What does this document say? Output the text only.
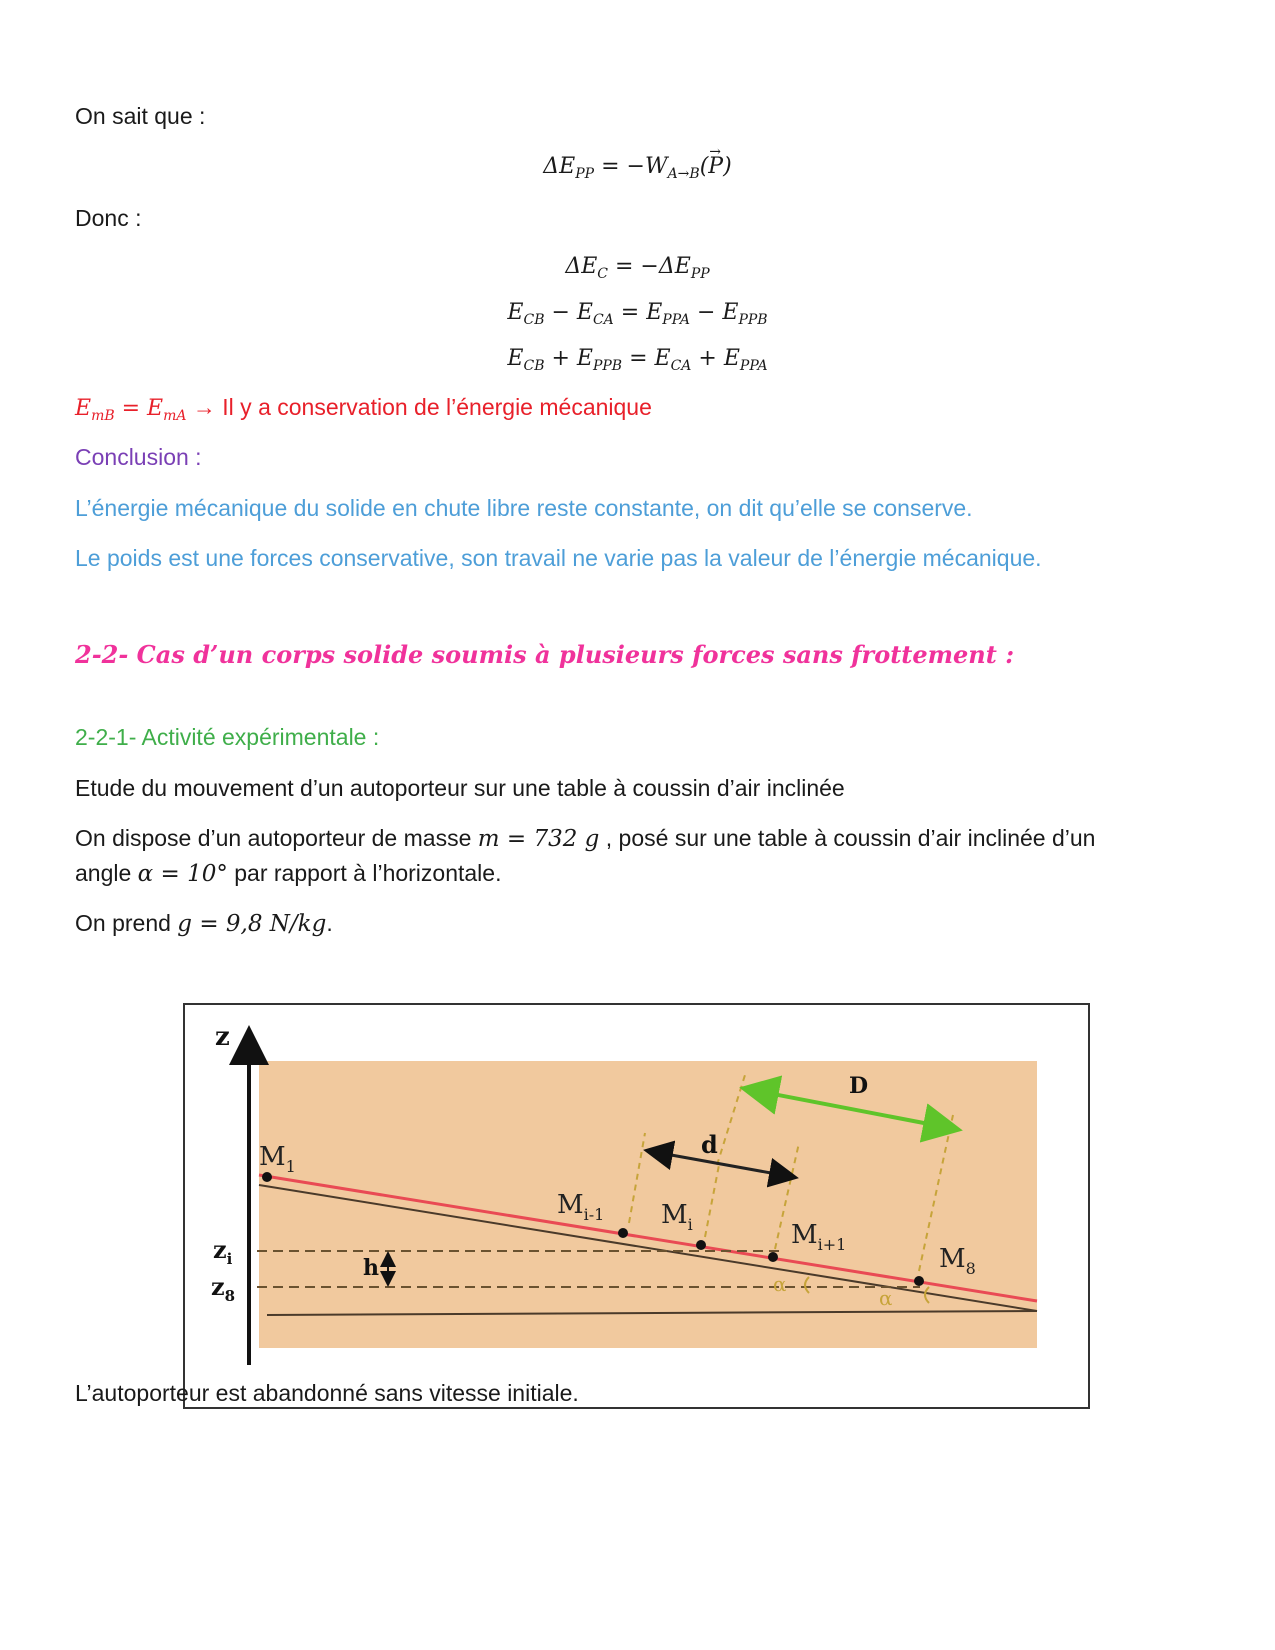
On sait que :
$\Delta E_{PP} = -W_{A\to B}(\to P)$
Donc :
$\Delta E_C = -\Delta E_{PP}$
$E_{CB} - E_{CA} = E_{PPA} - E_{PPB}$
$E_{CB} + E_{PPB} = E_{CA} + E_{PPA}$
$E_{mB} = E_{mA} \to Il$ y a conservation de l’énergie mécanique
Conclusion :
L’énergie mécanique du solide en chute libre reste constante, on dit qu’elle se conserve.
Le poids est une forces conservative, son travail ne varie pas la valeur de l’énergie mécanique.
2-2- Cas d’un corps solide soumis à plusieurs forces sans frottement :
2-2-1- Activité expérimentale :
Etude du mouvement d’un autoporteur sur une table à coussin d’air inclinée
On dispose d’un autoporteur de masse m = 732 g , posé sur une table à coussin d’air inclinée d’un
angle α = 10° par rapport à l’horizontale.
On prend g = 9,8 N/kg.
z
$z_i$
$z_8$
h
d
D
$M_1$
$M_{i-1}$ $M_i$	$M_{i+1}$	$M_8$
α
α
L’autoporteur est abandonné sans vitesse initiale.
